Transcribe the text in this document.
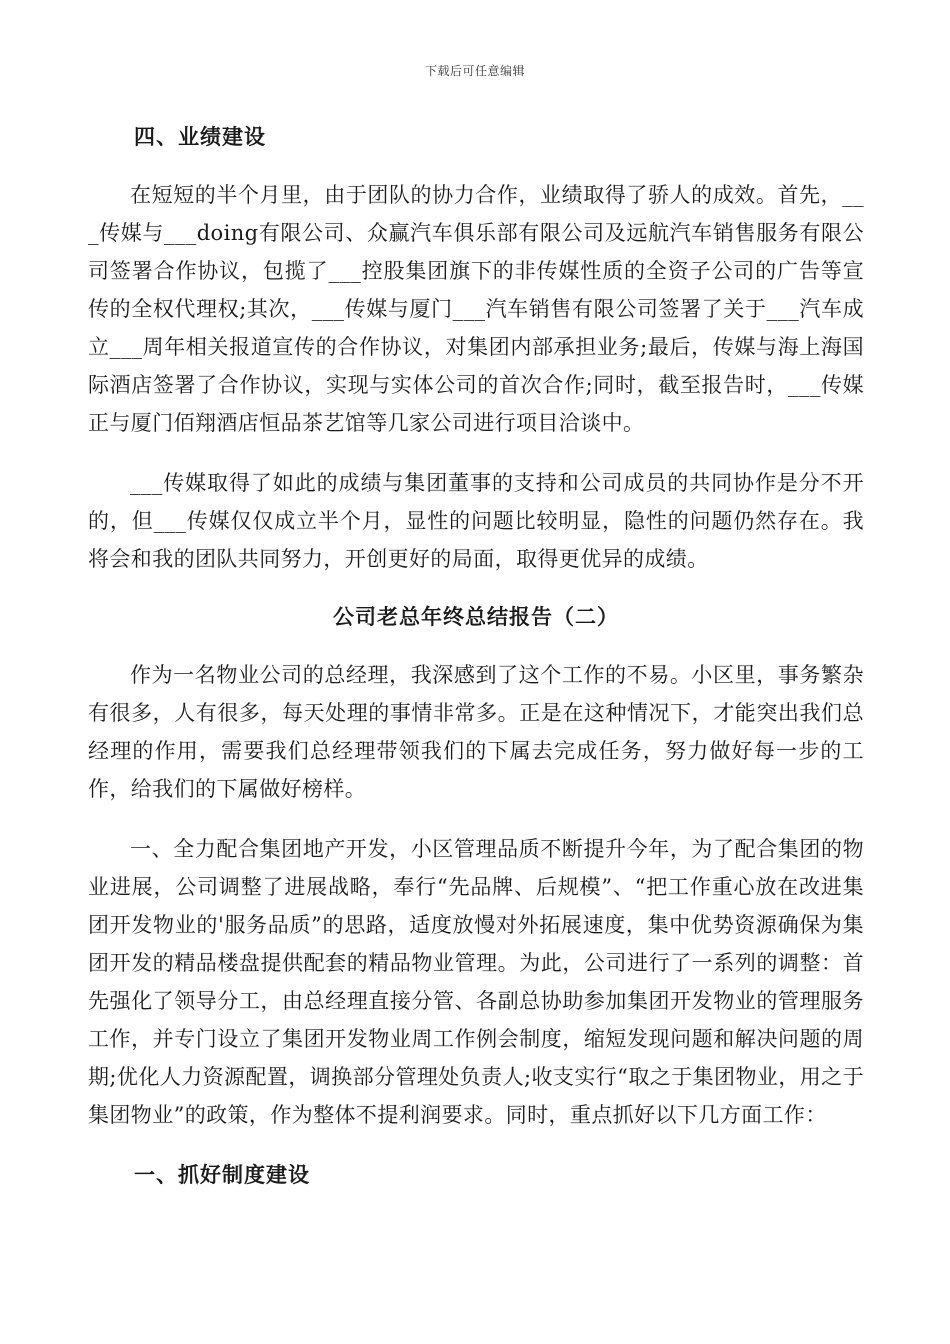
下载后可任意编辑
四、业绩建设

在短短的半个月里，由于团队的协力合作，业绩取得了骄人的成效。首先，___传媒与___doing有限公司、众赢汽车俱乐部有限公司及远航汽车销售服务有限公司签署合作协议，包揽了___控股集团旗下的非传媒性质的全资子公司的广告等宣传的全权代理权;其次，___传媒与厦门___汽车销售有限公司签署了关于___汽车成立___周年相关报道宣传的合作协议，对集团内部承担业务;最后，传媒与海上海国际酒店签署了合作协议，实现与实体公司的首次合作;同时，截至报告时，___传媒正与厦门佰翔酒店恒品茶艺馆等几家公司进行项目洽谈中。

___传媒取得了如此的成绩与集团董事的支持和公司成员的共同协作是分不开的，但___传媒仅仅成立半个月，显性的问题比较明显，隐性的问题仍然存在。我将会和我的团队共同努力，开创更好的局面，取得更优异的成绩。

公司老总年终总结报告（二）

作为一名物业公司的总经理，我深感到了这个工作的不易。小区里，事务繁杂有很多，人有很多，每天处理的事情非常多。正是在这种情况下，才能突出我们总经理的作用，需要我们总经理带领我们的下属去完成任务，努力做好每一步的工作，给我们的下属做好榜样。

一、全力配合集团地产开发，小区管理品质不断提升今年，为了配合集团的物业进展，公司调整了进展战略，奉行“先品牌、后规模”、“把工作重心放在改进集团开发物业的'服务品质”的思路，适度放慢对外拓展速度，集中优势资源确保为集团开发的精品楼盘提供配套的精品物业管理。为此，公司进行了一系列的调整：首先强化了领导分工，由总经理直接分管、各副总协助参加集团开发物业的管理服务工作，并专门设立了集团开发物业周工作例会制度，缩短发现问题和解决问题的周期;优化人力资源配置，调换部分管理处负责人;收支实行“取之于集团物业，用之于集团物业”的政策，作为整体不提利润要求。同时，重点抓好以下几方面工作：

一、抓好制度建设
